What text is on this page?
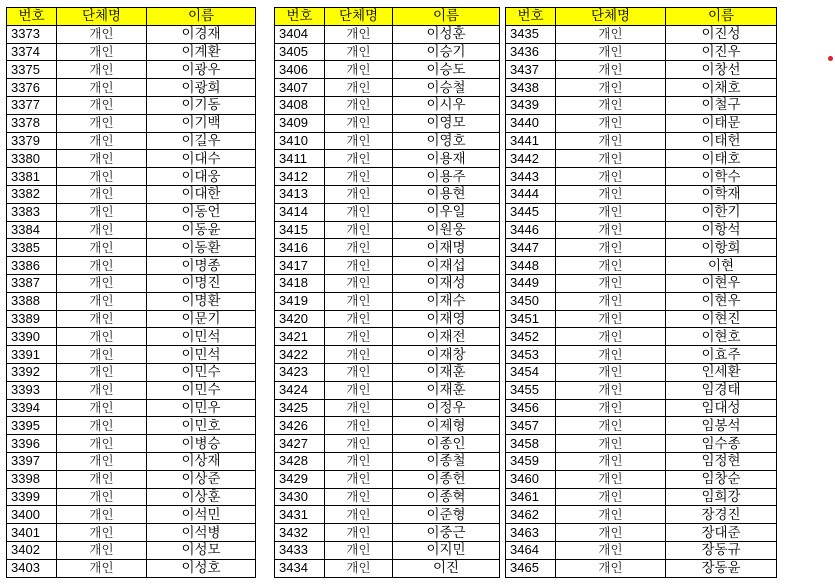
번호	단체명	이름
3373	개인	이경재
3374	개인	이계환
3375	개인	이광우
3376	개인	이광희
3377	개인	이기동
3378	개인	이기백
3379	개인	이길우
3380	개인	이대수
3381	개인	이대웅
3382	개인	이대한
3383	개인	이동언
3384	개인	이동윤
3385	개인	이동환
3386	개인	이명종
3387	개인	이명진
3388	개인	이명환
3389	개인	이문기
3390	개인	이민석
3391	개인	이민석
3392	개인	이민수
3393	개인	이민수
3394	개인	이민우
3395	개인	이민호
3396	개인	이병승
3397	개인	이상재
3398	개인	이상준
3399	개인	이상훈
3400	개인	이석민
3401	개인	이석병
3402	개인	이성모
3403	개인	이성호
번호	단체명	이름
3404	개인	이성훈
3405	개인	이승기
3406	개인	이승도
3407	개인	이승철
3408	개인	이시우
3409	개인	이영모
3410	개인	이영호
3411	개인	이용재
3412	개인	이용주
3413	개인	이용현
3414	개인	이우일
3415	개인	이원웅
3416	개인	이재명
3417	개인	이재섭
3418	개인	이재성
3419	개인	이재수
3420	개인	이재영
3421	개인	이재전
3422	개인	이재창
3423	개인	이재훈
3424	개인	이재훈
3425	개인	이정우
3426	개인	이제형
3427	개인	이종인
3428	개인	이종철
3429	개인	이종헌
3430	개인	이종혁
3431	개인	이준형
3432	개인	이중근
3433	개인	이지민
3434	개인	이진
번호	단체명	이름
3435	개인	이진성
3436	개인	이진우
3437	개인	이창선
3438	개인	이채호
3439	개인	이철구
3440	개인	이태문
3441	개인	이태헌
3442	개인	이태호
3443	개인	이학수
3444	개인	이학재
3445	개인	이한기
3446	개인	이항석
3447	개인	이항희
3448	개인	이현
3449	개인	이현우
3450	개인	이현우
3451	개인	이현진
3452	개인	이현호
3453	개인	이효주
3454	개인	인세환
3455	개인	임경태
3456	개인	임대성
3457	개인	임봉석
3458	개인	임수종
3459	개인	임정현
3460	개인	임창순
3461	개인	임희강
3462	개인	장경진
3463	개인	장대준
3464	개인	장동규
3465	개인	장동윤
